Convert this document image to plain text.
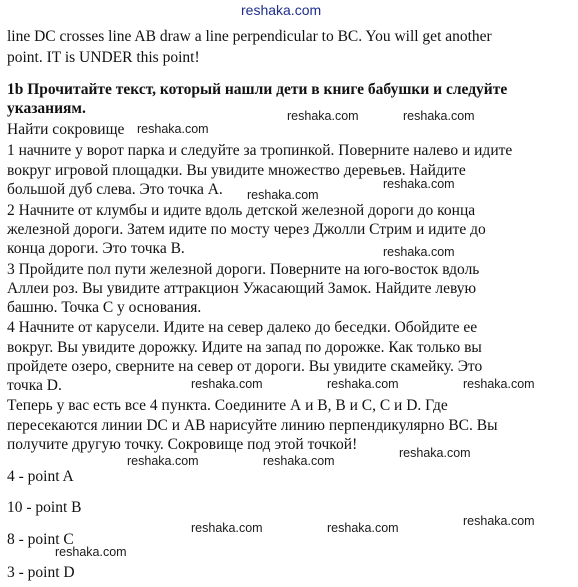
reshaka.com
line DC crosses line AB draw a line perpendicular to BC. You will get another
point. IT is UNDER this point!
1b Прочитайте текст, который нашли дети в книге бабушки и следуйте
указаниям.
Найти сокровище
1 начните у ворот парка и следуйте за тропинкой. Поверните налево и идите
вокруг игровой площадки. Вы увидите множество деревьев. Найдите
большой дуб слева. Это точка А.
2 Начните от клумбы и идите вдоль детской железной дороги до конца
железной дороги. Затем идите по мосту через Джолли Стрим и идите до
конца дороги. Это точка В.
3 Пройдите пол пути железной дороги. Поверните на юго-восток вдоль
Аллеи роз. Вы увидите аттракцион Ужасающий Замок. Найдите левую
башню. Точка С у основания.
4 Начните от карусели. Идите на север далеко до беседки. Обойдите ее
вокруг. Вы увидите дорожку. Идите на запад по дорожке. Как только вы
пройдете озеро, сверните на север от дороги. Вы увидите скамейку. Это
точка D.
Теперь у вас есть все 4 пункта. Соедините А и В, В и С, С и D. Где
пересекаются линии DC и АВ нарисуйте линию перпендикулярно ВС. Вы
получите другую точку. Сокровище под этой точкой!
4 - point A
10 - point B
8 - point C
3 - point D
reshaka.com
reshaka.com	reshaka.com
reshaka.com
reshaka.com
reshaka.com
reshaka.com	reshaka.com	reshaka.com
reshaka.com	reshaka.com
reshaka.com
reshaka.com	reshaka.com	reshaka.com
reshaka.com
